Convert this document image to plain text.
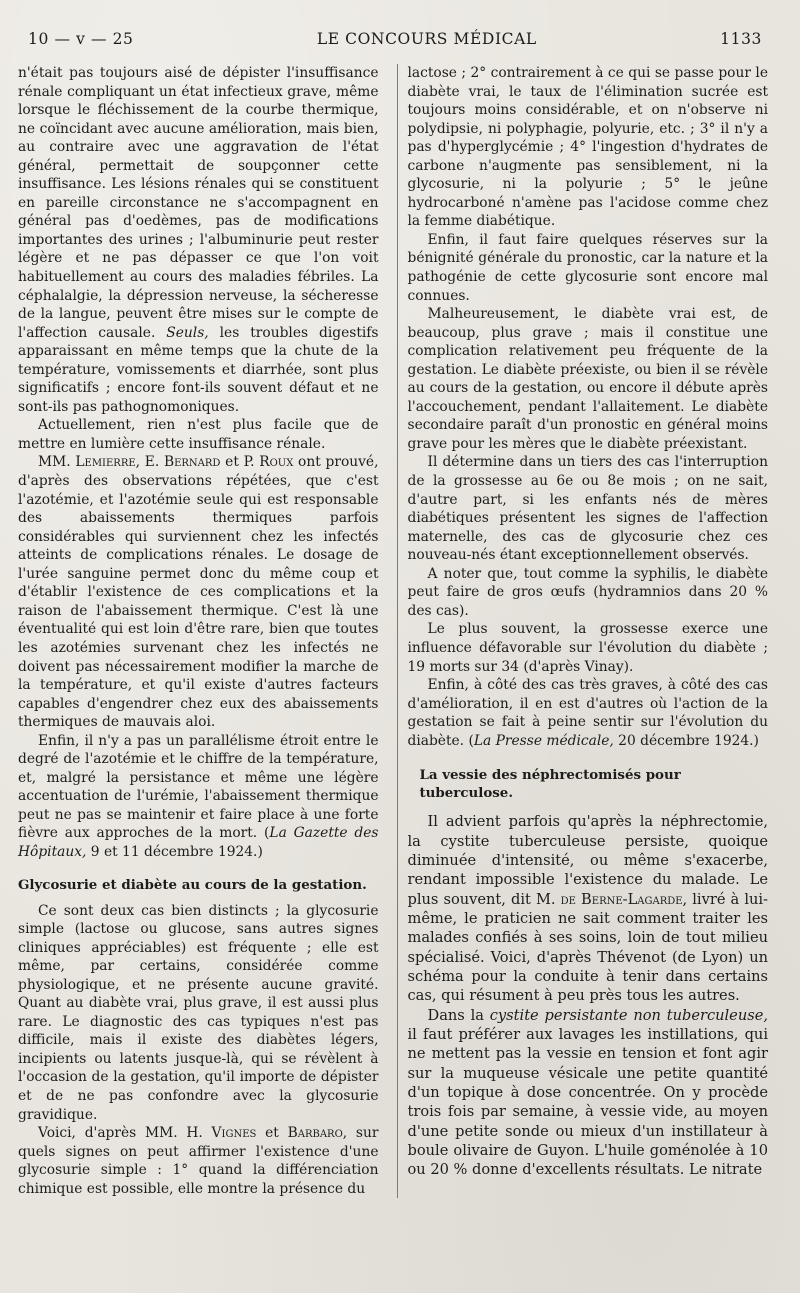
10 — v — 25	LE CONCOURS MÉDICAL	1133

n'était pas toujours aisé de dépister l'insuffisance rénale compliquant un état infectieux grave, même lorsque le fléchissement de la courbe thermique, ne coïncidant avec aucune amélioration, mais bien, au contraire avec une aggravation de l'état général, permettait de soupçonner cette insuffisance. Les lésions rénales qui se constituent en pareille circonstance ne s'accompagnent en général pas d'oedèmes, pas de modifications importantes des urines ; l'albuminurie peut rester légère et ne pas dépasser ce que l'on voit habituellement au cours des maladies fébriles. La céphalalgie, la dépression nerveuse, la sécheresse de la langue, peuvent être mises sur le compte de l'affection causale. Seuls, les troubles digestifs apparaissant en même temps que la chute de la température, vomissements et diarrhée, sont plus significatifs ; encore font-ils souvent défaut et ne sont-ils pas pathognomoniques.

Actuellement, rien n'est plus facile que de mettre en lumière cette insuffisance rénale.

MM. Lemierre, E. Bernard et P. Roux ont prouvé, d'après des observations répétées, que c'est l'azotémie, et l'azotémie seule qui est responsable des abaissements thermiques parfois considérables qui surviennent chez les infectés atteints de complications rénales. Le dosage de l'urée sanguine permet donc du même coup et d'établir l'existence de ces complications et la raison de l'abaissement thermique. C'est là une éventualité qui est loin d'être rare, bien que toutes les azotémies survenant chez les infectés ne doivent pas nécessairement modifier la marche de la température, et qu'il existe d'autres facteurs capables d'engendrer chez eux des abaissements thermiques de mauvais aloi.

Enfin, il n'y a pas un parallélisme étroit entre le degré de l'azotémie et le chiffre de la température, et, malgré la persistance et même une légère accentuation de l'urémie, l'abaissement thermique peut ne pas se maintenir et faire place à une forte fièvre aux approches de la mort. (La Gazette des Hôpitaux, 9 et 11 décembre 1924.)

Glycosurie et diabète au cours de la gestation.

Ce sont deux cas bien distincts ; la glycosurie simple (lactose ou glucose, sans autres signes cliniques appréciables) est fréquente ; elle est même, par certains, considérée comme physiologique, et ne présente aucune gravité. Quant au diabète vrai, plus grave, il est aussi plus rare. Le diagnostic des cas typiques n'est pas difficile, mais il existe des diabètes légers, incipients ou latents jusque-là, qui se révèlent à l'occasion de la gestation, qu'il importe de dépister et de ne pas confondre avec la glycosurie gravidique.

Voici, d'après MM. H. Vignes et Barbaro, sur quels signes on peut affirmer l'existence d'une glycosurie simple : 1° quand la différenciation chimique est possible, elle montre la présence du

lactose ; 2° contrairement à ce qui se passe pour le diabète vrai, le taux de l'élimination sucrée est toujours moins considérable, et on n'observe ni polydipsie, ni polyphagie, polyurie, etc. ; 3° il n'y a pas d'hyperglycémie ; 4° l'ingestion d'hydrates de carbone n'augmente pas sensiblement, ni la glycosurie, ni la polyurie ; 5° le jeûne hydrocarboné n'amène pas l'acidose comme chez la femme diabétique.

Enfin, il faut faire quelques réserves sur la bénignité générale du pronostic, car la nature et la pathogénie de cette glycosurie sont encore mal connues.

Malheureusement, le diabète vrai est, de beaucoup, plus grave ; mais il constitue une complication relativement peu fréquente de la gestation. Le diabète préexiste, ou bien il se révèle au cours de la gestation, ou encore il débute après l'accouchement, pendant l'allaitement. Le diabète secondaire paraît d'un pronostic en général moins grave pour les mères que le diabète préexistant.

Il détermine dans un tiers des cas l'interruption de la grossesse au 6e ou 8e mois ; on ne sait, d'autre part, si les enfants nés de mères diabétiques présentent les signes de l'affection maternelle, des cas de glycosurie chez ces nouveau-nés étant exceptionnellement observés.

A noter que, tout comme la syphilis, le diabète peut faire de gros œufs (hydramnios dans 20 % des cas).

Le plus souvent, la grossesse exerce une influence défavorable sur l'évolution du diabète ; 19 morts sur 34 (d'après Vinay).

Enfin, à côté des cas très graves, à côté des cas d'amélioration, il en est d'autres où l'action de la gestation se fait à peine sentir sur l'évolution du diabète. (La Presse médicale, 20 décembre 1924.)

La vessie des néphrectomisés pour tuberculose.

Il advient parfois qu'après la néphrectomie, la cystite tuberculeuse persiste, quoique diminuée d'intensité, ou même s'exacerbe, rendant impossible l'existence du malade. Le plus souvent, dit M. de Berne-Lagarde, livré à lui-même, le praticien ne sait comment traiter les malades confiés à ses soins, loin de tout milieu spécialisé. Voici, d'après Thévenot (de Lyon) un schéma pour la conduite à tenir dans certains cas, qui résument à peu près tous les autres.

Dans la cystite persistante non tuberculeuse, il faut préférer aux lavages les instillations, qui ne mettent pas la vessie en tension et font agir sur la muqueuse vésicale une petite quantité d'un topique à dose concentrée. On y procède trois fois par semaine, à vessie vide, au moyen d'une petite sonde ou mieux d'un instillateur à boule olivaire de Guyon. L'huile goménolée à 10 ou 20 % donne d'excellents résultats. Le nitrate
